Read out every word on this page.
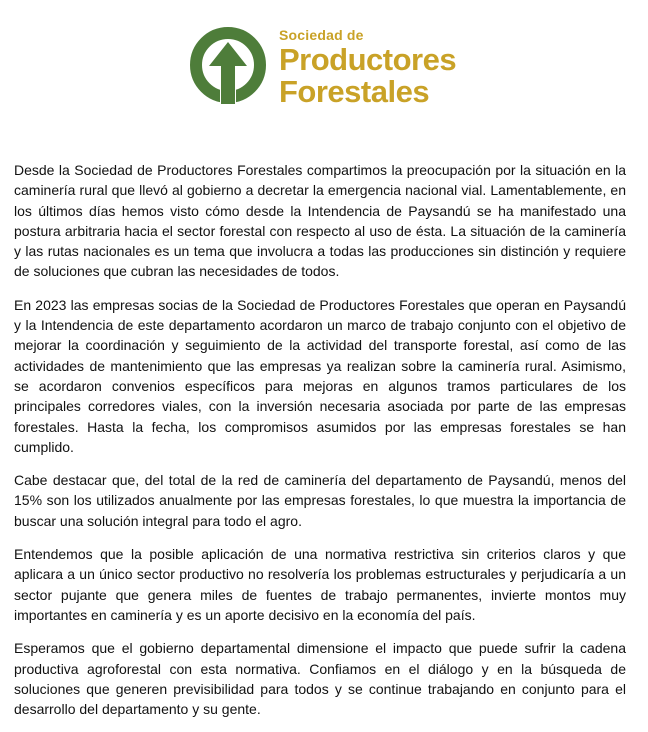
Sociedad de
Productores
Forestales

Desde la Sociedad de Productores Forestales compartimos la preocupación por la situación en la caminería rural que llevó al gobierno a decretar la emergencia nacional vial. Lamentablemente, en los últimos días hemos visto cómo desde la Intendencia de Paysandú se ha manifestado una postura arbitraria hacia el sector forestal con respecto al uso de ésta. La situación de la caminería y las rutas nacionales es un tema que involucra a todas las producciones sin distinción y requiere de soluciones que cubran las necesidades de todos.

En 2023 las empresas socias de la Sociedad de Productores Forestales que operan en Paysandú y la Intendencia de este departamento acordaron un marco de trabajo conjunto con el objetivo de mejorar la coordinación y seguimiento de la actividad del transporte forestal, así como de las actividades de mantenimiento que las empresas ya realizan sobre la caminería rural. Asimismo, se acordaron convenios específicos para mejoras en algunos tramos particulares de los principales corredores viales, con la inversión necesaria asociada por parte de las empresas forestales. Hasta la fecha, los compromisos asumidos por las empresas forestales se han cumplido.

Cabe destacar que, del total de la red de caminería del departamento de Paysandú, menos del 15% son los utilizados anualmente por las empresas forestales, lo que muestra la importancia de buscar una solución integral para todo el agro.

Entendemos que la posible aplicación de una normativa restrictiva sin criterios claros y que aplicara a un único sector productivo no resolvería los problemas estructurales y perjudicaría a un sector pujante que genera miles de fuentes de trabajo permanentes, invierte montos muy importantes en caminería y es un aporte decisivo en la economía del país.

Esperamos que el gobierno departamental dimensione el impacto que puede sufrir la cadena productiva agroforestal con esta normativa. Confiamos en el diálogo y en la búsqueda de soluciones que generen previsibilidad para todos y se continue trabajando en conjunto para el desarrollo del departamento y su gente.
